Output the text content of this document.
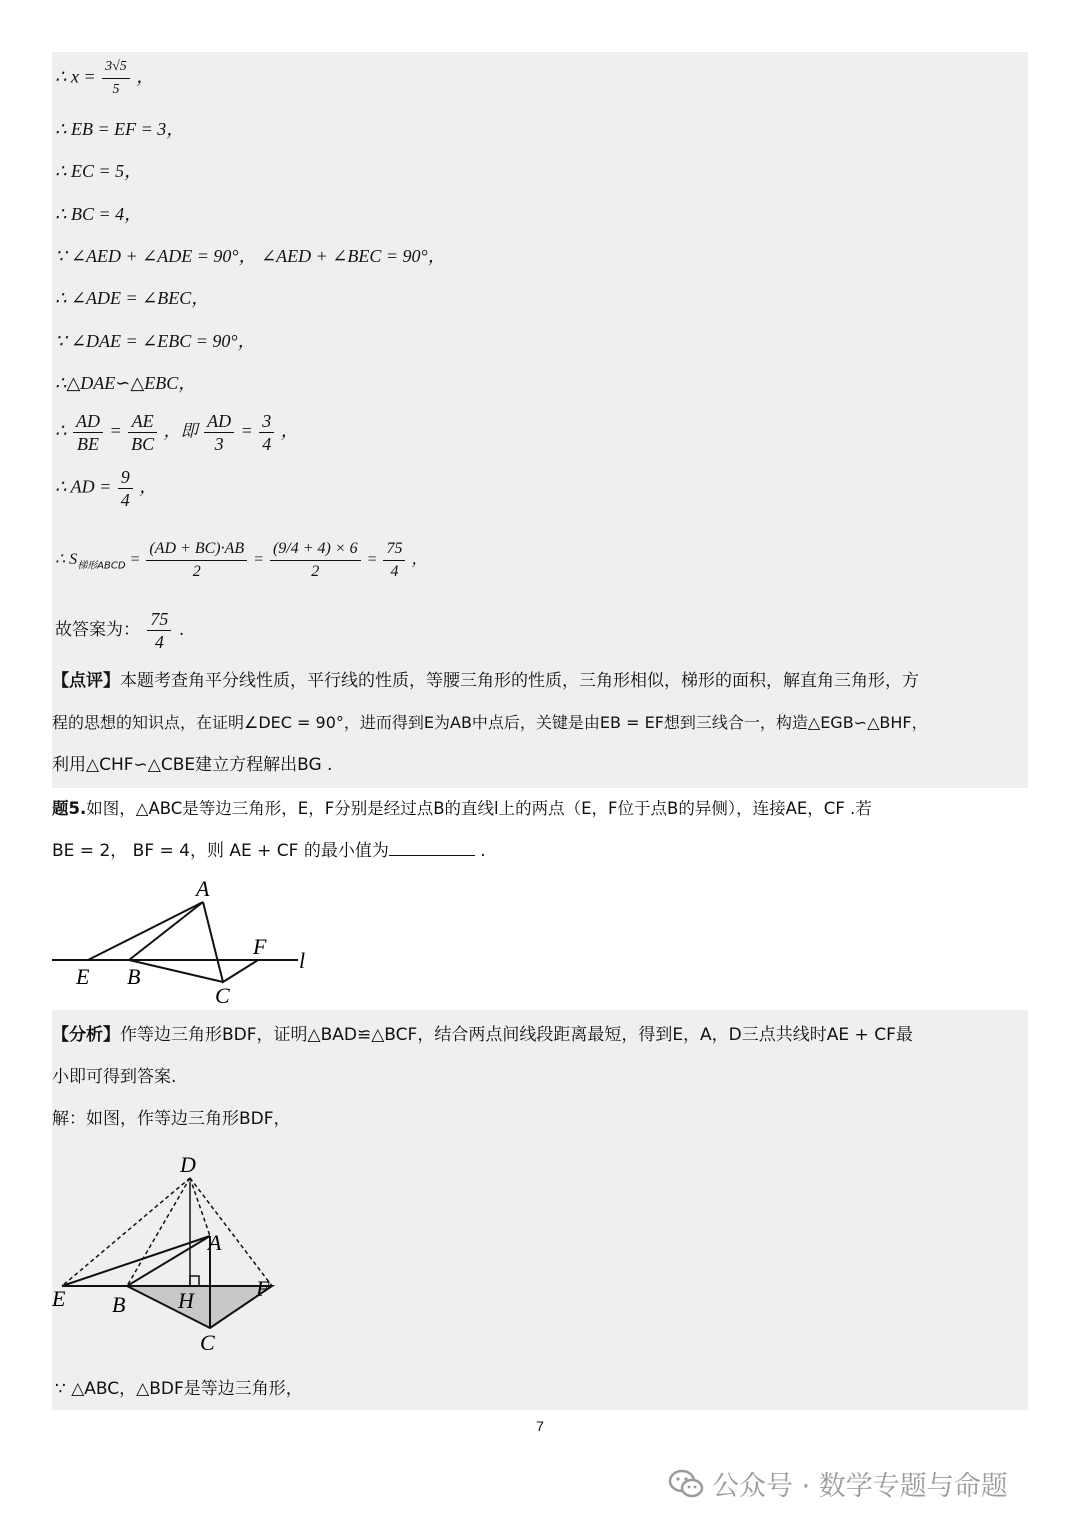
∴ $x = \frac{3√5}{5}$ ，
∴ EB = EF = 3，
∴ EC = 5，
∴ BC = 4，
∵ ∠AED + ∠ADE = 90°， ∠AED + ∠BEC = 90°，
∴ ∠ADE = ∠BEC，
∵ ∠DAE = ∠EBC = 90°，
∴△DAE∽△EBC，
∴ $\frac{AD}{BE} = \frac{AE}{BC}$ ，即 $\frac{AD}{3} = \frac{3}{4}$ ，
∴ AD = $\frac{9}{4}$ ，
∴ $S_{梯形ABCD} = \frac{(AD + BC)\cdot AB}{2} = \frac{(9/4 + 4) \times 6}{2} = \frac{75}{4}$ ，
故答案为： $\frac{75}{4}$ .
【点评】本题考查角平分线性质，平行线的性质，等腰三角形的性质，三角形相似，梯形的面积，解直角三角形，方
程的思想的知识点，在证明∠DEC = 90°，进而得到E为AB中点后，关键是由EB = EF想到三线合一，构造△EGB∽△BHF，
利用△CHF∽△CBE建立方程解出BG .
题5.如图，△ABC是等边三角形，E，F分别是经过点B的直线l上的两点（E，F位于点B的异侧），连接AE，CF .若
BE = 2， BF = 4，则 AE + CF 的最小值为	.
A
B
C
E
F
l
【分析】作等边三角形BDF，证明△BAD≌△BCF，结合两点间线段距离最短，得到E，A，D三点共线时AE + CF最
小即可得到答案.
解：如图，作等边三角形BDF，
D
A
E B H	F
C
∵ △ABC，△BDF是等边三角形，
7
公众号 · 数学专题与命题
